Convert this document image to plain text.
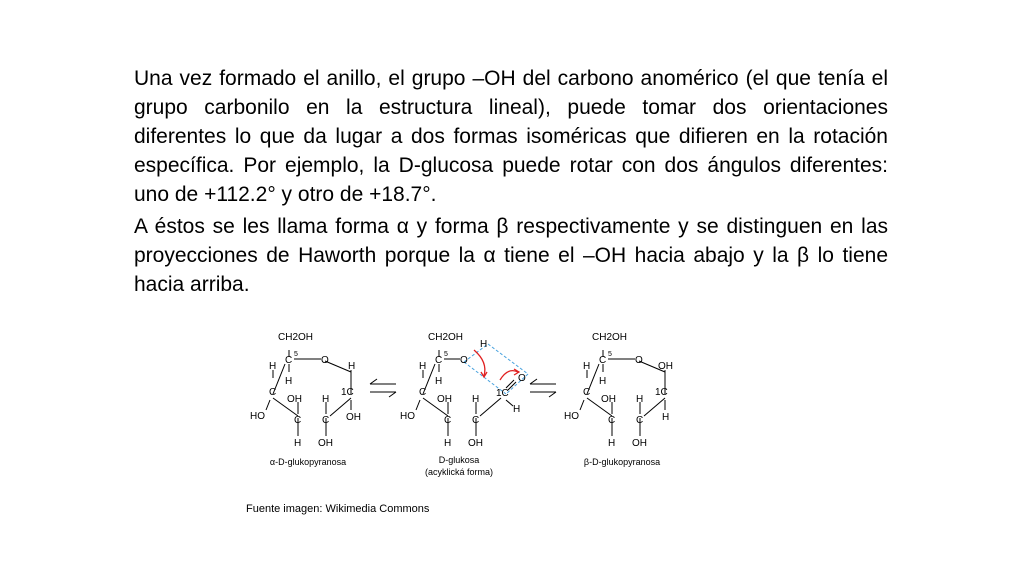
Una vez formado el anillo, el grupo –OH del carbono anomérico (el que tenía el grupo carbonilo en la estructura lineal), puede tomar dos orientaciones diferentes lo que da lugar a dos formas isoméricas que difieren en la rotación específica. Por ejemplo, la D-glucosa puede rotar con dos ángulos diferentes: uno de +112.2° y otro de +18.7°.

A éstos se les llama forma α y forma β respectivamente y se distinguen en las proyecciones de Haworth porque la α tiene el –OH hacia abajo y la β lo tiene hacia arriba.

CH2OH
C
5
O
H
H
1C
OH
H
C
HO
OH H
C C
H OH
CH2OH
C
5
O
H
H	O
1C
H
H
C
HO
OH H
C C
H OH
CH2OH
C
5
O
H
OH
1C
H
H
C
HO
OH H
C C
H OH
α-D-glukopyranosa	D-glukosa
(acyklická forma)
β-D-glukopyranosa

Fuente imagen: Wikimedia Commons
